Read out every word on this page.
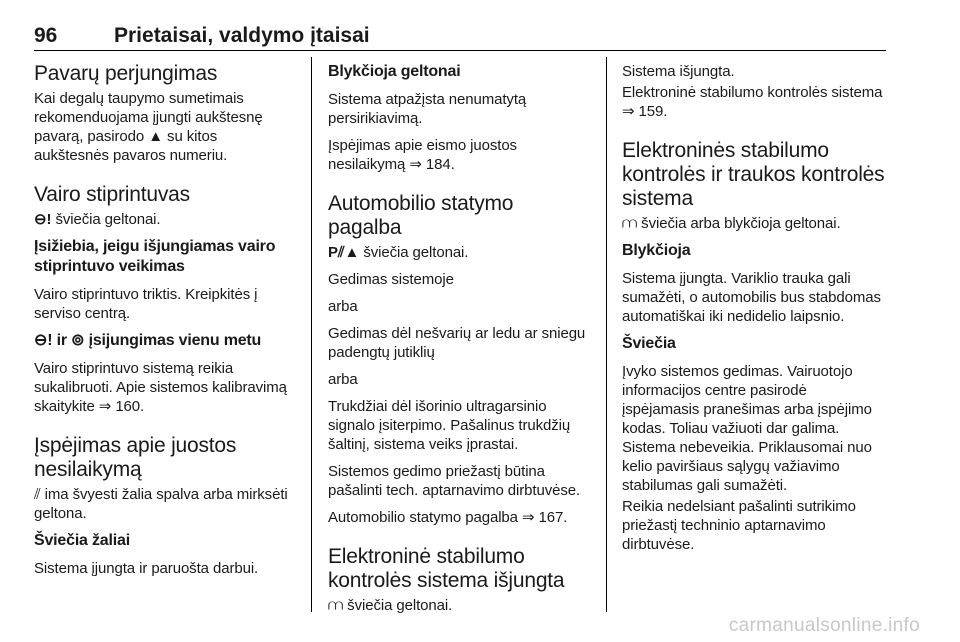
96	Prietaisai, valdymo įtaisai
Pavarų perjungimas

Kai degalų taupymo sumetimais rekomenduojama įjungti aukštesnę pavarą, pasirodo ▲ su kitos aukštesnės pavaros numeriu.

Vairo stiprintuvas

⊖! šviečia geltonai.

Įsižiebia, jeigu išjungiamas vairo stiprintuvo veikimas

Vairo stiprintuvo triktis. Kreipkitės į serviso centrą.

⊖! ir ⊚ įsijungimas vienu metu

Vairo stiprintuvo sistemą reikia sukalibruoti. Apie sistemos kalibravimą skaitykite ⇒ 160.

Įspėjimas apie juostos nesilaikymą

⫽ ima švyesti žalia spalva arba mirksėti geltona.

Šviečia žaliai

Sistema įjungta ir paruošta darbui.

Blykčioja geltonai

Sistema atpažįsta nenumatytą persirikiavimą.

Įspėjimas apie eismo juostos nesilaikymą ⇒ 184.

Automobilio statymo pagalba

P⫽▲ šviečia geltonai.

Gedimas sistemoje

arba

Gedimas dėl nešvarių ar ledu ar sniegu padengtų jutiklių

arba

Trukdžiai dėl išorinio ultragarsinio signalo įsiterpimo. Pašalinus trukdžių šaltinį, sistema veiks įprastai.

Sistemos gedimo priežastį būtina pašalinti tech. aptarnavimo dirbtuvėse.

Automobilio statymo pagalba ⇒ 167.

Elektroninė stabilumo kontrolės sistema išjungta

⩋ šviečia geltonai.

Sistema išjungta.

Elektroninė stabilumo kontrolės sistema ⇒ 159.

Elektroninės stabilumo kontrolės ir traukos kontrolės sistema

⩋ šviečia arba blykčioja geltonai.

Blykčioja

Sistema įjungta. Variklio trauka gali sumažėti, o automobilis bus stabdomas automatiškai iki nedidelio laipsnio.

Šviečia

Įvyko sistemos gedimas. Vairuotojo informacijos centre pasirodė įspėjamasis pranešimas arba įspėjimo kodas. Toliau važiuoti dar galima. Sistema nebeveikia. Priklausomai nuo kelio paviršiaus sąlygų važiavimo stabilumas gali sumažėti.

Reikia nedelsiant pašalinti sutrikimo priežastį techninio aptarnavimo dirbtuvėse.

carmanualsonline.info
